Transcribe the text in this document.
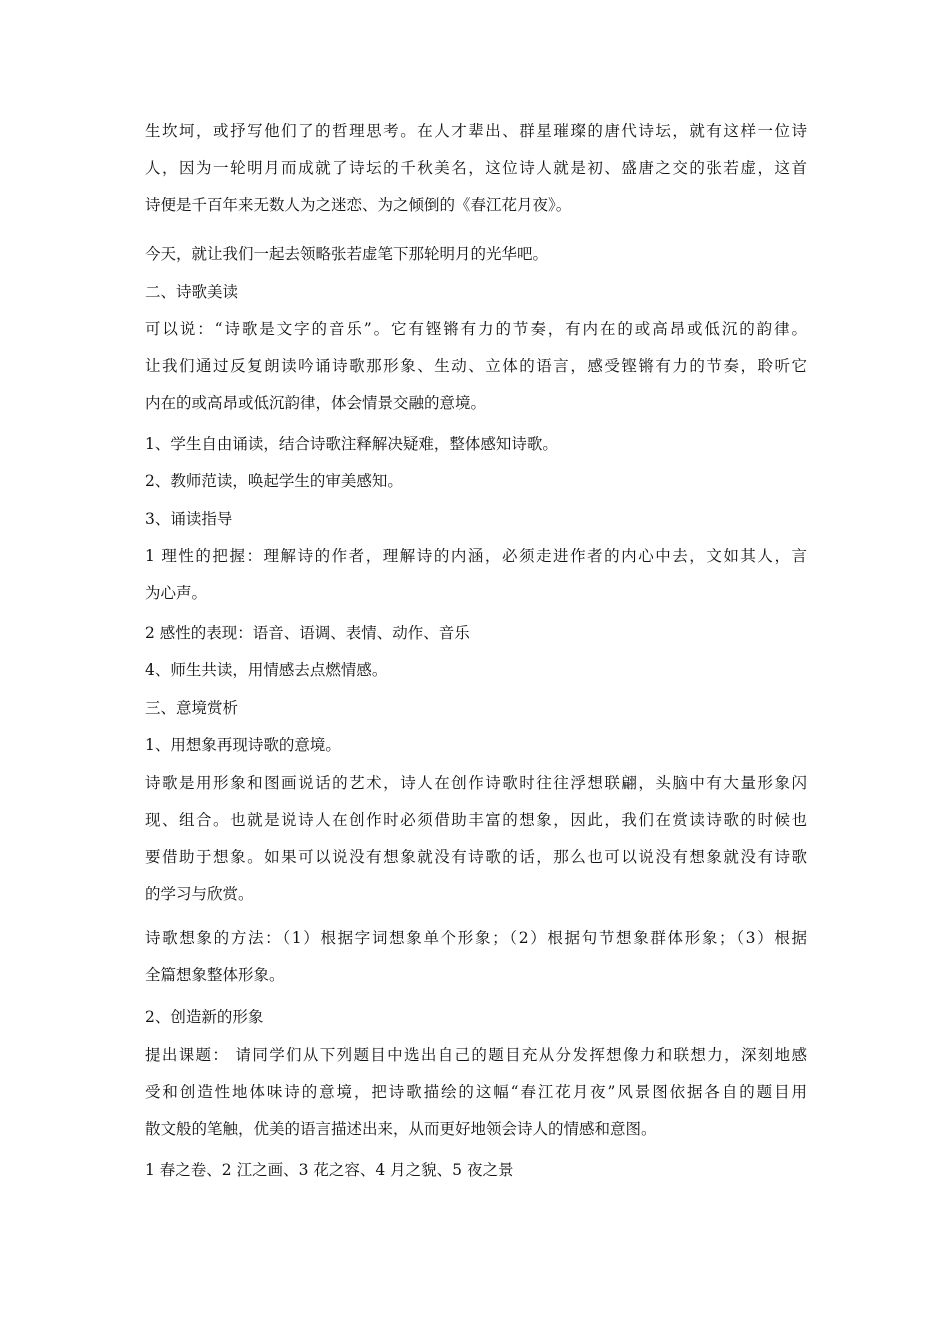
生坎坷，或抒写他们了的哲理思考。在人才辈出、群星璀璨的唐代诗坛，就有这样一位诗
人，因为一轮明月而成就了诗坛的千秋美名，这位诗人就是初、盛唐之交的张若虚，这首
诗便是千百年来无数人为之迷恋、为之倾倒的《春江花月夜》。
今天，就让我们一起去领略张若虚笔下那轮明月的光华吧。
二、诗歌美读
可以说：“诗歌是文字的音乐”。它有铿锵有力的节奏，有内在的或高昂或低沉的韵律。
让我们通过反复朗读吟诵诗歌那形象、生动、立体的语言，感受铿锵有力的节奏，聆听它
内在的或高昂或低沉韵律，体会情景交融的意境。
1、学生自由诵读，结合诗歌注释解决疑难，整体感知诗歌。
2、教师范读，唤起学生的审美感知。
3、诵读指导
1 理性的把握：理解诗的作者，理解诗的内涵，必须走进作者的内心中去，文如其人，言
为心声。
2 感性的表现：语音、语调、表情、动作、音乐
4、师生共读，用情感去点燃情感。
三、意境赏析
1、用想象再现诗歌的意境。
诗歌是用形象和图画说话的艺术，诗人在创作诗歌时往往浮想联翩，头脑中有大量形象闪
现、组合。也就是说诗人在创作时必须借助丰富的想象，因此，我们在赏读诗歌的时候也
要借助于想象。如果可以说没有想象就没有诗歌的话，那么也可以说没有想象就没有诗歌
的学习与欣赏。
诗歌想象的方法：（1）根据字词想象单个形象；（2）根据句节想象群体形象；（3）根据
全篇想象整体形象。
2、创造新的形象
提出课题： 请同学们从下列题目中选出自己的题目充从分发挥想像力和联想力，深刻地感
受和创造性地体味诗的意境，把诗歌描绘的这幅“春江花月夜”风景图依据各自的题目用
散文般的笔触，优美的语言描述出来，从而更好地领会诗人的情感和意图。
1 春之卷、2 江之画、3 花之容、4 月之貌、5 夜之景
